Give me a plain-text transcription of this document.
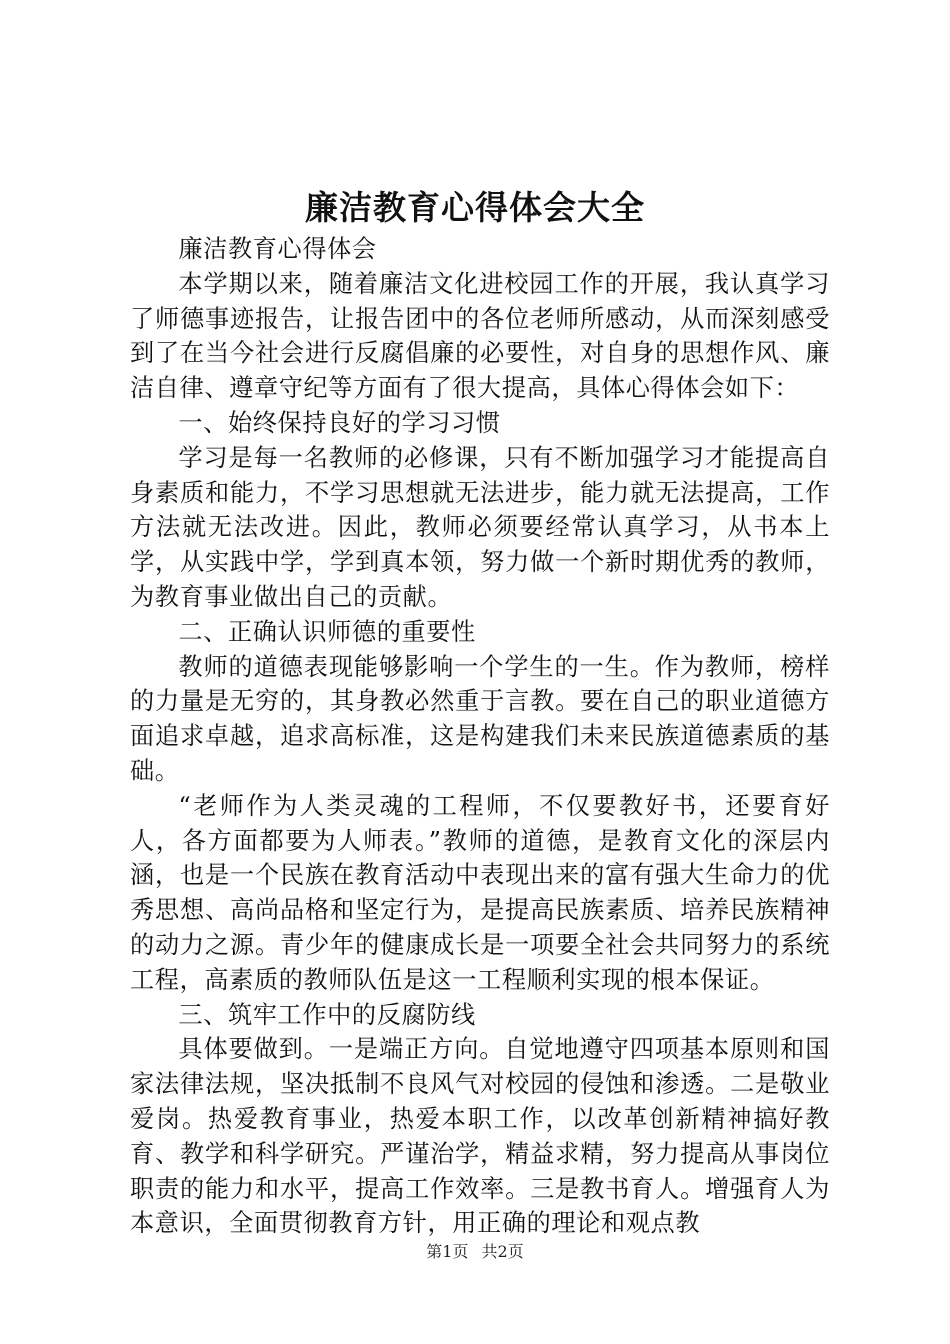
廉洁教育心得体会大全

廉洁教育心得体会

本学期以来，随着廉洁文化进校园工作的开展，我认真学习了师德事迹报告，让报告团中的各位老师所感动，从而深刻感受到了在当今社会进行反腐倡廉的必要性，对自身的思想作风、廉洁自律、遵章守纪等方面有了很大提高，具体心得体会如下：

一、始终保持良好的学习习惯

学习是每一名教师的必修课，只有不断加强学习才能提高自身素质和能力，不学习思想就无法进步，能力就无法提高，工作方法就无法改进。因此，教师必须要经常认真学习，从书本上学，从实践中学，学到真本领，努力做一个新时期优秀的教师，为教育事业做出自己的贡献。

二、正确认识师德的重要性

教师的道德表现能够影响一个学生的一生。作为教师，榜样的力量是无穷的，其身教必然重于言教。要在自己的职业道德方面追求卓越，追求高标准，这是构建我们未来民族道德素质的基础。

“老师作为人类灵魂的工程师，不仅要教好书，还要育好人，各方面都要为人师表。”教师的道德，是教育文化的深层内涵，也是一个民族在教育活动中表现出来的富有强大生命力的优秀思想、高尚品格和坚定行为，是提高民族素质、培养民族精神的动力之源。青少年的健康成长是一项要全社会共同努力的系统工程，高素质的教师队伍是这一工程顺利实现的根本保证。

三、筑牢工作中的反腐防线

具体要做到。一是端正方向。自觉地遵守四项基本原则和国家法律法规，坚决抵制不良风气对校园的侵蚀和渗透。二是敬业爱岗。热爱教育事业，热爱本职工作，以改革创新精神搞好教育、教学和科学研究。严谨治学，精益求精，努力提高从事岗位职责的能力和水平，提高工作效率。三是教书育人。增强育人为本意识，全面贯彻教育方针，用正确的理论和观点教

第1页 共2页
